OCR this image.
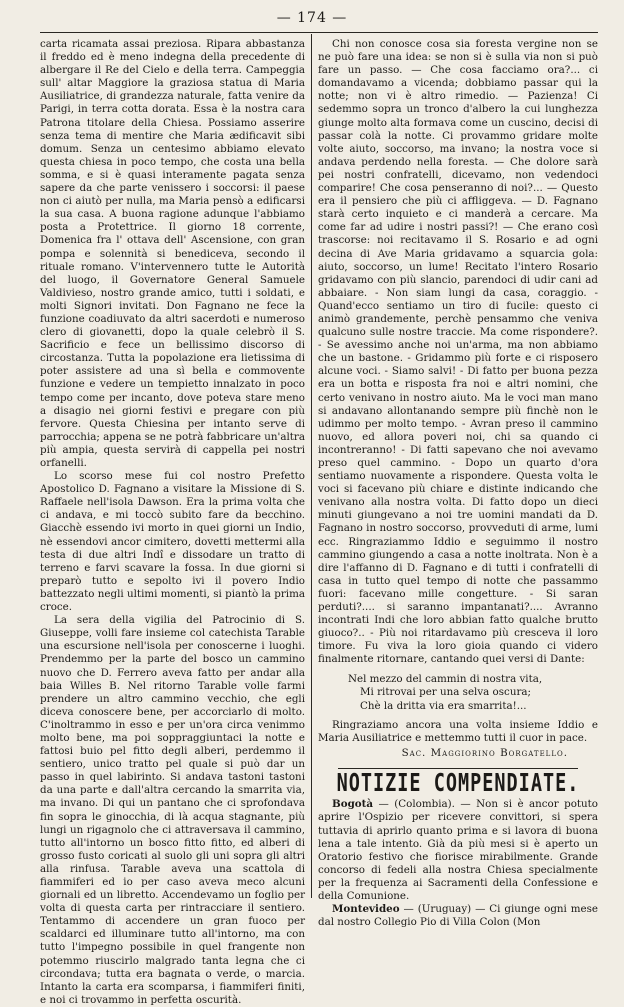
— 174 —

carta ricamata assai preziosa. Ripara abbastanza il freddo ed è meno indegna della precedente di albergare il Re del Cielo e della terra. Campeggia sull' altar Maggiore la graziosa statua di Maria Ausiliatrice, di grandezza naturale, fatta venire da Parigi, in terra cotta dorata. Essa è la nostra cara Patrona titolare della Chiesa. Possiamo asserire senza tema di mentire che Maria ædificavit sibi domum. Senza un centesimo abbiamo elevato questa chiesa in poco tempo, che costa una bella somma, e si è quasi interamente pagata senza sapere da che parte venissero i soccorsi: il paese non ci aiutò per nulla, ma Maria pensò a edificarsi la sua casa. A buona ragione adunque l'abbiamo posta a Protettrice. Il giorno 18 corrente, Domenica fra l' ottava dell' Ascensione, con gran pompa e solennità si benediceva, secondo il rituale romano. V'intervennero tutte le Autorità del luogo, il Governatore General Samuele Valdivieso, nostro grande amico, tutti i soldati, e molti Signori invitati. Don Fagnano ne fece la funzione coadiuvato da altri sacerdoti e numeroso clero di giovanetti, dopo la quale celebrò il S. Sacrificio e fece un bellissimo discorso di circostanza. Tutta la popolazione era lietissima di poter assistere ad una sì bella e commovente funzione e vedere un tempietto innalzato in poco tempo come per incanto, dove poteva stare meno a disagio nei giorni festivi e pregare con più fervore. Questa Chiesina per intanto serve di parrocchia; appena se ne potrà fabbricare un'altra più ampia, questa servirà di cappella pei nostri orfanelli.

Lo scorso mese fui col nostro Prefetto Apostolico D. Fagnano a visitare la Missione di S. Raffaele nell'isola Dawson. Era la prima volta che ci andava, e mi toccò subito fare da becchino. Giacchè essendo ivi morto in quei giorni un Indio, nè essendovi ancor cimitero, dovetti mettermi alla testa di due altri Indî e dissodare un tratto di terreno e farvi scavare la fossa. In due giorni si preparò tutto e sepolto ivi il povero Indio battezzato negli ultimi momenti, si piantò la prima croce.

La sera della vigilia del Patrocinio di S. Giuseppe, volli fare insieme col catechista Tarable una escursione nell'isola per conoscerne i luoghi. Prendemmo per la parte del bosco un cammino nuovo che D. Ferrero aveva fatto per andar alla baia Willes B. Nel ritorno Tarable volle farmi prendere un altro cammino vecchio, che egli diceva conoscere bene, per accorciarlo di molto. C'inoltrammo in esso e per un'ora circa venimmo molto bene, ma poi soppraggiuntaci la notte e fattosi buio pel fitto degli alberi, perdemmo il sentiero, unico tratto pel quale si può dar un passo in quel labirinto. Si andava tastoni tastoni da una parte e dall'altra cercando la smarrita via, ma invano. Di qui un pantano che ci sprofondava fin sopra le ginocchia, di là acqua stagnante, più lungi un rigagnolo che ci attraversava il cammino, tutto all'intorno un bosco fitto fitto, ed alberi di grosso fusto coricati al suolo gli uni sopra gli altri alla rinfusa. Tarable aveva una scattola di fiammiferi ed io per caso aveva meco alcuni giornali ed un libretto. Accendevamo un foglio per volta di questa carta per rintracciare il sentiero. Tentammo di accendere un gran fuoco per scaldarci ed illuminare tutto all'intorno, ma con tutto l'impegno possibile in quel frangente non potemmo riuscirlo malgrado tanta legna che ci circondava; tutta era bagnata o verde, o marcia. Intanto la carta era scomparsa, i fiammiferi finiti, e noi ci trovammo in perfetta oscurità.

Chi non conosce cosa sia foresta vergine non se ne può fare una idea: se non si è sulla via non si può fare un passo. — Che cosa facciamo ora?... ci domandavamo a vicenda; dobbiamo passar qui la notte; non vi è altro rimedio. — Pazienza! Ci sedemmo sopra un tronco d'albero la cui lunghezza giunge molto alta formava come un cuscino, decisi di passar colà la notte. Ci provammo gridare molte volte aiuto, soccorso, ma invano; la nostra voce si andava perdendo nella foresta. — Che dolore sarà pei nostri confratelli, dicevamo, non vedendoci comparire! Che cosa penseranno di noi?... — Questo era il pensiero che più ci affliggeva. — D. Fagnano starà certo inquieto e ci manderà a cercare. Ma come far ad udire i nostri passi?! — Che erano così trascorse: noi recitavamo il S. Rosario e ad ogni decina di Ave Maria gridavamo a squarcia gola: aiuto, soccorso, un lume! Recitato l'intero Rosario gridavamo con più slancio, parendoci di udir cani ad abbaiare. - Non siam lungi da casa, coraggio. - Quand'ecco sentiamo un tiro di fucile: questo ci animò grandemente, perchè pensammo che veniva qualcuno sulle nostre traccie. Ma come rispondere?. - Se avessimo anche noi un'arma, ma non abbiamo che un bastone. - Gridammo più forte e ci risposero alcune voci. - Siamo salvi! - Di fatto per buona pezza era un botta e risposta fra noi e altri nomini, che certo venivano in nostro aiuto. Ma le voci man mano si andavano allontanando sempre più finchè non le udimmo per molto tempo. - Avran preso il cammino nuovo, ed allora poveri noi, chi sa quando ci incontreranno! - Di fatti sapevano che noi avevamo preso quel cammino. - Dopo un quarto d'ora sentiamo nuovamente a rispondere. Questa volta le voci si facevano più chiare e distinte indicando che venivano alla nostra volta. Di fatto dopo un dieci minuti giungevano a noi tre uomini mandati da D. Fagnano in nostro soccorso, provveduti di arme, lumi ecc. Ringraziammo Iddio e seguimmo il nostro cammino giungendo a casa a notte inoltrata. Non è a dire l'affanno di D. Fagnano e di tutti i confratelli di casa in tutto quel tempo di notte che passammo fuori: facevano mille congetture. - Si saran perduti?.... si saranno impantanati?.... Avranno incontrati Indi che loro abbian fatto qualche brutto giuoco?.. - Più noi ritardavamo più cresceva il loro timore. Fu viva la loro gioia quando ci videro finalmente ritornare, cantando quei versi di Dante:

Nel mezzo del cammin di nostra vita,
Mi ritrovai per una selva oscura;
Chè la dritta via era smarrita!...

Ringraziamo ancora una volta insieme Iddio e Maria Ausiliatrice e mettemmo tutti il cuor in pace.

Sac. Maggiorino Borgatello.
NOTIZIE COMPENDIATE.

Bogotà — (Colombia). — Non si è ancor potuto aprire l'Ospizio per ricevere convittori, si spera tuttavia di aprirlo quanto prima e si lavora di buona lena a tale intento. Già da più mesi si è aperto un Oratorio festivo che fiorisce mirabilmente. Grande concorso di fedeli alla nostra Chiesa specialmente per la frequenza ai Sacramenti della Confessione e della Comunione.

Montevideo — (Uruguay) — Ci giunge ogni mese dal nostro Collegio Pio di Villa Colon (Mon
